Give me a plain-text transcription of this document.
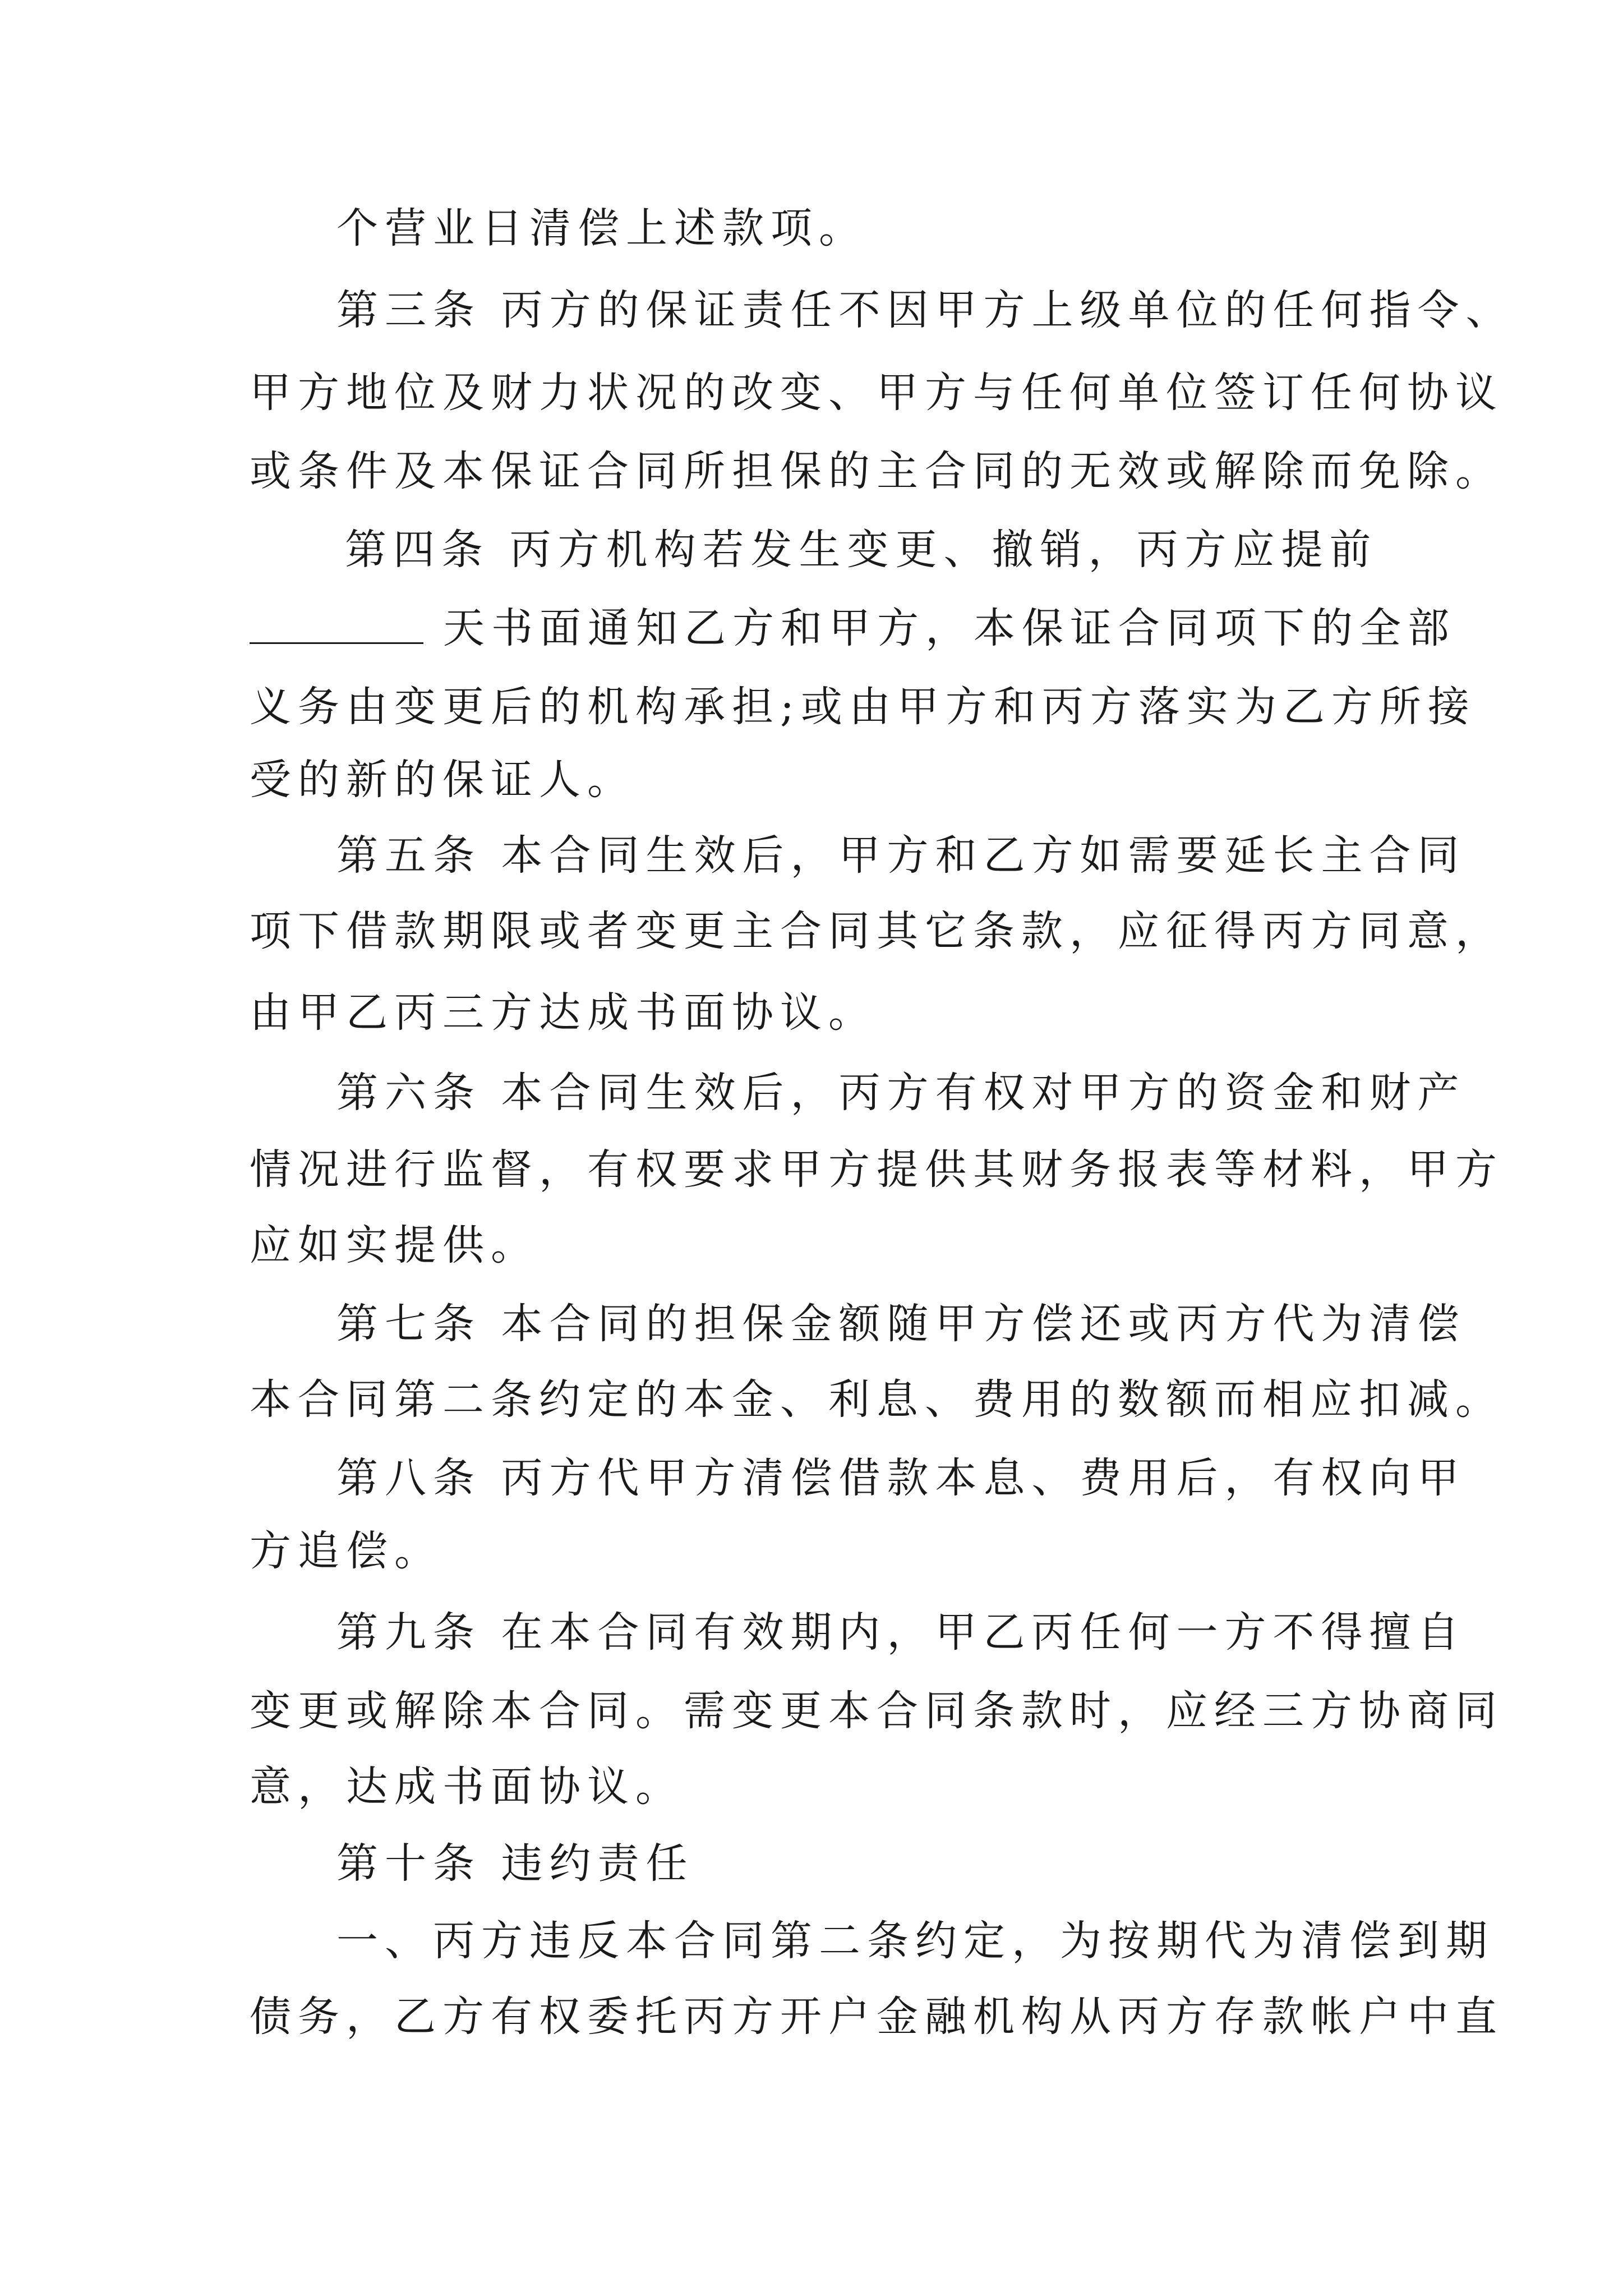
个营业日清偿上述款项。
第三条 丙方的保证责任不因甲方上级单位的任何指令、
甲方地位及财力状况的改变、甲方与任何单位签订任何协议
或条件及本保证合同所担保的主合同的无效或解除而免除。
第四条 丙方机构若发生变更、撤销，丙方应提前
天书面通知乙方和甲方，本保证合同项下的全部
义务由变更后的机构承担;或由甲方和丙方落实为乙方所接
受的新的保证人。
第五条 本合同生效后，甲方和乙方如需要延长主合同
项下借款期限或者变更主合同其它条款，应征得丙方同意，
由甲乙丙三方达成书面协议。
第六条 本合同生效后，丙方有权对甲方的资金和财产
情况进行监督，有权要求甲方提供其财务报表等材料，甲方
应如实提供。
第七条 本合同的担保金额随甲方偿还或丙方代为清偿
本合同第二条约定的本金、利息、费用的数额而相应扣减。
第八条 丙方代甲方清偿借款本息、费用后，有权向甲
方追偿。
第九条 在本合同有效期内，甲乙丙任何一方不得擅自
变更或解除本合同。需变更本合同条款时，应经三方协商同
意，达成书面协议。
第十条 违约责任
一、丙方违反本合同第二条约定，为按期代为清偿到期
债务，乙方有权委托丙方开户金融机构从丙方存款帐户中直
